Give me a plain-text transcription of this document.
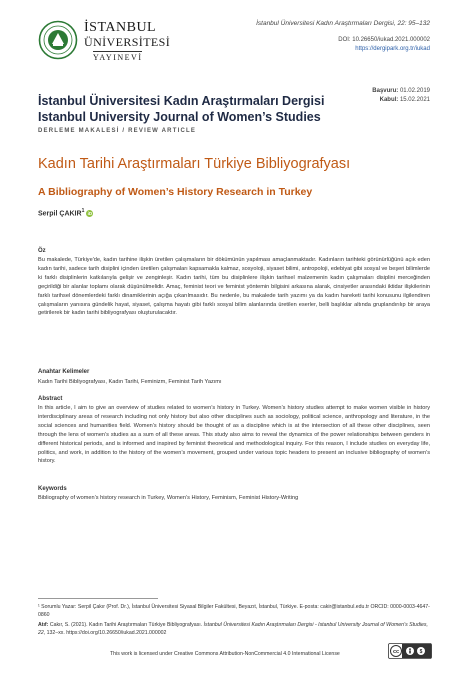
İSTANBUL
ÜNİVERSİTESİ
YAYINEVİ
İstanbul Üniversitesi Kadın Araştırmaları Dergisi, 22: 95–132
DOI: 10.26650/iukad.2021.000002
https://dergipark.org.tr/iukad
Başvuru: 01.02.2019
Kabul: 15.02.2021
İstanbul Üniversitesi Kadın Araştırmaları Dergisi
Istanbul University Journal of Women’s Studies
DERLEME MAKALESİ / REVIEW ARTICLE
Kadın Tarihi Araştırmaları Türkiye Bibliyografyası
A Bibliography of Women’s History Research in Turkey
Serpil ÇAKIR$^1$ iD
Öz
Bu makalede, Türkiye'de, kadın tarihine ilişkin üretilen çalışmaların bir dökümünün yapılması amaçlanmaktadır. Kadınların tarihteki görünürlüğünü açık eden kadın tarihi, sadece tarih disiplini içinden üretilen çalışmaları kapsamakla kalmaz, sosyoloji, siyaset bilimi, antropoloji, edebiyat gibi sosyal ve beşeri bilimlerde ki farklı disiplinlerin katkılarıyla gelişir ve zenginleşir. Kadın tarihi, tüm bu disiplinlere ilişkin tarihsel malzemenin kadın çalışmaları disiplini merceğinden geçirildiği bir alanlar toplamı olarak düşünülmelidir. Amaç, feminist teori ve feminist yöntemin bilgisini arkasına alarak, cinsiyetler arasındaki iktidar ilişkilerinin farklı tarihsel dönemlerdeki farklı dinamiklerinin açığa çıkarılmasıdır. Bu nedenle, bu makalede tarih yazımı ya da kadın hareketi tarihi konusunu ilgilendiren çalışmaların yanısıra gündelik hayat, siyaset, çalışma hayatı gibi farklı sosyal bilim alanlarında üretilen eserler, belli başlıklar altında gruplandırılıp bir araya getirilerek bir kadın tarihi bibliyografyası oluşturulacaktır.
Anahtar Kelimeler
Kadın Tarihi Bibliyografyası, Kadın Tarihi, Feminizm, Feminist Tarih Yazımı
Abstract
In this article, I aim to give an overview of studies related to women’s history in Turkey. Women’s history studies attempt to make women visible in history interdisciplinary areas of research including not only history but also other disciplines such as sociology, political science, anthropology and literature, in the social sciences and humanities field. Women’s history should be thought of as a discipline which is at the intersection of all these other disciplines, seen through the lens of women’s studies as a sum of all these areas. This study also aims to reveal the dynamics of the power relationships between genders in different historical periods, and is informed and inspired by feminist theoretical and methodological inquiry. For this reason, I include studies on everyday life, politics, and work, in addition to the history of the women’s movement, grouped under various topic headers to present an inclusive bibliography of women’s history.
Keywords
Bibliography of women’s history research in Turkey, Women’s History, Feminism, Feminist History-Writing
¹ Sorumlu Yazar: Serpil Çakır (Prof. Dr.), İstanbul Üniversitesi Siyasal Bilgiler Fakültesi, Beyazıt, İstanbul, Türkiye. E-posta: cakir@istanbul.edu.tr ORCID: 0000-0003-4647-0860
Atıf: Cakır, S. (2021). Kadın Tarihi Araştırmaları Türkiye Bibliyografyası. İstanbul Üniversitesi Kadın Araştırmaları Dergisi - Istanbul University Journal of Women’s Studies, 22, 132–xx. https://doi.org/10.26650/iukad.2021.000002
This work is licensed under Creative Commons Attribution-NonCommercial 4.0 International License	cc	$
